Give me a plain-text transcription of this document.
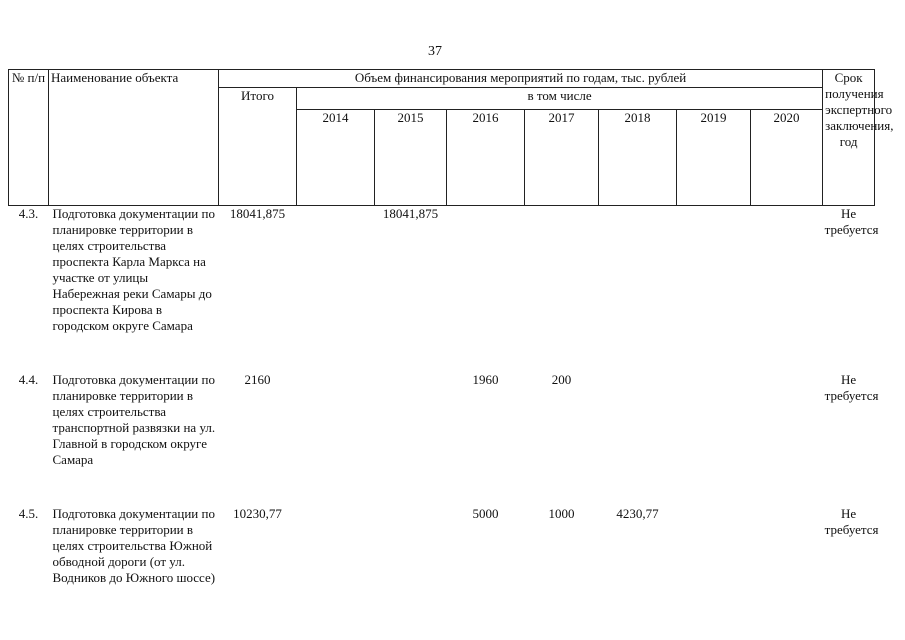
37
№ п/п	Наименование объекта	Объем финансирования мероприятий по годам, тыс. рублей								Срок получения экспертного заключения, год
		Итого	в том числе							
			2014	2015	2016	2017	2018	2019	2020	
4.3.	Подготовка документации по планировке территории в целях строительства проспекта Карла Маркса на участке от улицы Набережная реки Самары до проспекта Кирова в городском округе Самара	18041,875		18041,875						Не требуется
4.4.	Подготовка документации по планировке территории в целях строительства транспортной развязки на ул. Главной в городском округе Самара	2160			1960	200				Не требуется
4.5.	Подготовка документации по планировке территории в целях строительства Южной обводной дороги (от ул. Водников до Южного шоссе)	10230,77			5000	1000	4230,77			Не требуется
